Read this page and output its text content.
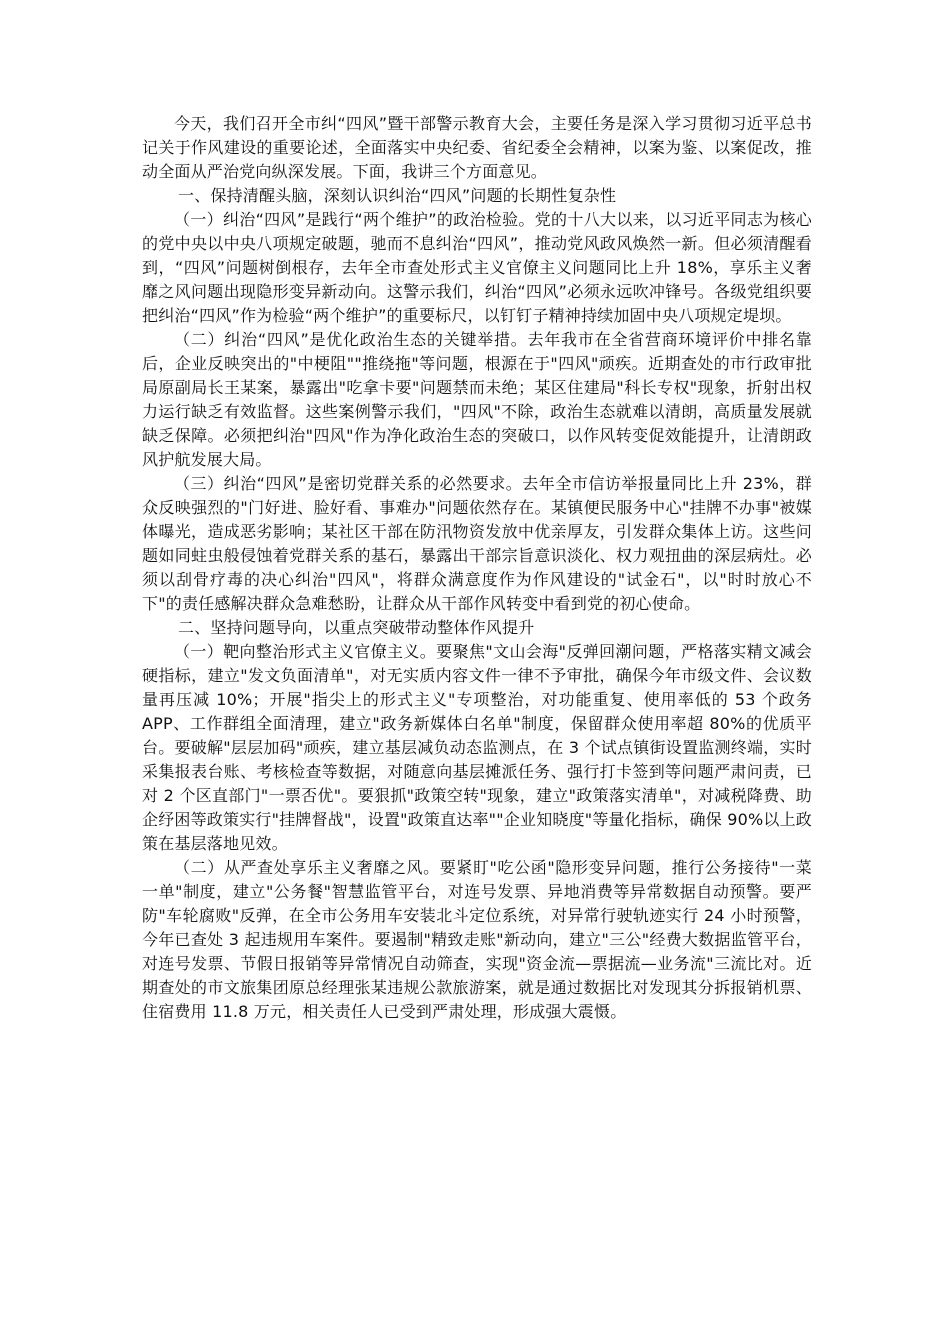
今天，我们召开全市纠“四风”暨干部警示教育大会，主要任务是深入学习贯彻习近平总书记关于作风建设的重要论述，全面落实中央纪委、省纪委全会精神，以案为鉴、以案促改，推动全面从严治党向纵深发展。下面，我讲三个方面意见。

一、保持清醒头脑，深刻认识纠治“四风”问题的长期性复杂性

（一）纠治“四风”是践行“两个维护”的政治检验。党的十八大以来，以习近平同志为核心的党中央以中央八项规定破题，驰而不息纠治“四风”，推动党风政风焕然一新。但必须清醒看到，“四风”问题树倒根存，去年全市查处形式主义官僚主义问题同比上升 18%，享乐主义奢靡之风问题出现隐形变异新动向。这警示我们，纠治“四风”必须永远吹冲锋号。各级党组织要把纠治“四风”作为检验“两个维护”的重要标尺，以钉钉子精神持续加固中央八项规定堤坝。

（二）纠治“四风”是优化政治生态的关键举措。去年我市在全省营商环境评价中排名靠后，企业反映突出的"中梗阻""推绕拖"等问题，根源在于"四风"顽疾。近期查处的市行政审批局原副局长王某案，暴露出"吃拿卡要"问题禁而未绝；某区住建局"科长专权"现象，折射出权力运行缺乏有效监督。这些案例警示我们，"四风"不除，政治生态就难以清朗，高质量发展就缺乏保障。必须把纠治"四风"作为净化政治生态的突破口，以作风转变促效能提升，让清朗政风护航发展大局。

（三）纠治“四风”是密切党群关系的必然要求。去年全市信访举报量同比上升 23%，群众反映强烈的"门好进、脸好看、事难办"问题依然存在。某镇便民服务中心"挂牌不办事"被媒体曝光，造成恶劣影响；某社区干部在防汛物资发放中优亲厚友，引发群众集体上访。这些问题如同蛀虫般侵蚀着党群关系的基石，暴露出干部宗旨意识淡化、权力观扭曲的深层病灶。必须以刮骨疗毒的决心纠治"四风"，将群众满意度作为作风建设的"试金石"，以"时时放心不下"的责任感解决群众急难愁盼，让群众从干部作风转变中看到党的初心使命。

二、坚持问题导向，以重点突破带动整体作风提升

（一）靶向整治形式主义官僚主义。要聚焦"文山会海"反弹回潮问题，严格落实精文减会硬指标，建立"发文负面清单"，对无实质内容文件一律不予审批，确保今年市级文件、会议数量再压减 10%；开展"指尖上的形式主义"专项整治，对功能重复、使用率低的 53 个政务 APP、工作群组全面清理，建立"政务新媒体白名单"制度，保留群众使用率超 80%的优质平台。要破解"层层加码"顽疾，建立基层减负动态监测点，在 3 个试点镇街设置监测终端，实时采集报表台账、考核检查等数据，对随意向基层摊派任务、强行打卡签到等问题严肃问责，已对 2 个区直部门"一票否优"。要狠抓"政策空转"现象，建立"政策落实清单"，对减税降费、助企纾困等政策实行"挂牌督战"，设置"政策直达率""企业知晓度"等量化指标，确保 90%以上政策在基层落地见效。

（二）从严查处享乐主义奢靡之风。要紧盯"吃公函"隐形变异问题，推行公务接待"一菜一单"制度，建立"公务餐"智慧监管平台，对连号发票、异地消费等异常数据自动预警。要严防"车轮腐败"反弹，在全市公务用车安装北斗定位系统，对异常行驶轨迹实行 24 小时预警，今年已查处 3 起违规用车案件。要遏制"精致走账"新动向，建立"三公"经费大数据监管平台，对连号发票、节假日报销等异常情况自动筛查，实现"资金流—票据流—业务流"三流比对。近期查处的市文旅集团原总经理张某违规公款旅游案，就是通过数据比对发现其分拆报销机票、住宿费用 11.8 万元，相关责任人已受到严肃处理，形成强大震慑。
